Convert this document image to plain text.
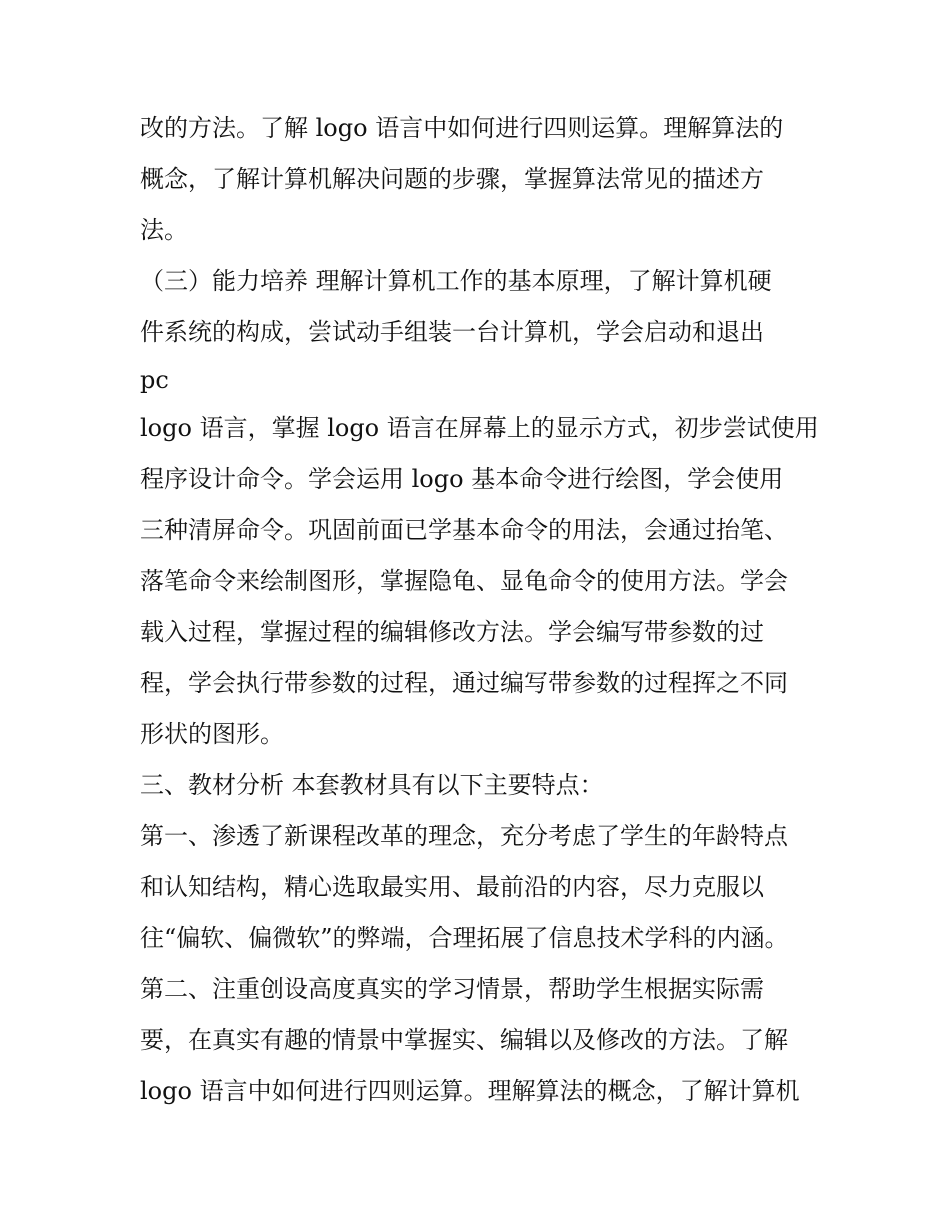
改的方法。了解 logo 语言中如何进行四则运算。理解算法的

概念，了解计算机解决问题的步骤，掌握算法常见的描述方

法。

（三）能力培养 理解计算机工作的基本原理，了解计算机硬

件系统的构成，尝试动手组装一台计算机，学会启动和退出

pc

logo 语言，掌握 logo 语言在屏幕上的显示方式，初步尝试使用

程序设计命令。学会运用 logo 基本命令进行绘图，学会使用

三种清屏命令。巩固前面已学基本命令的用法，会通过抬笔、

落笔命令来绘制图形，掌握隐龟、显龟命令的使用方法。学会

载入过程，掌握过程的编辑修改方法。学会编写带参数的过

程，学会执行带参数的过程，通过编写带参数的过程挥之不同

形状的图形。

三、教材分析 本套教材具有以下主要特点：

第一、渗透了新课程改革的理念，充分考虑了学生的年龄特点

和认知结构，精心选取最实用、最前沿的内容，尽力克服以

往“偏软、偏微软”的弊端，合理拓展了信息技术学科的内涵。

第二、注重创设高度真实的学习情景，帮助学生根据实际需

要，在真实有趣的情景中掌握实、编辑以及修改的方法。了解

logo 语言中如何进行四则运算。理解算法的概念，了解计算机
